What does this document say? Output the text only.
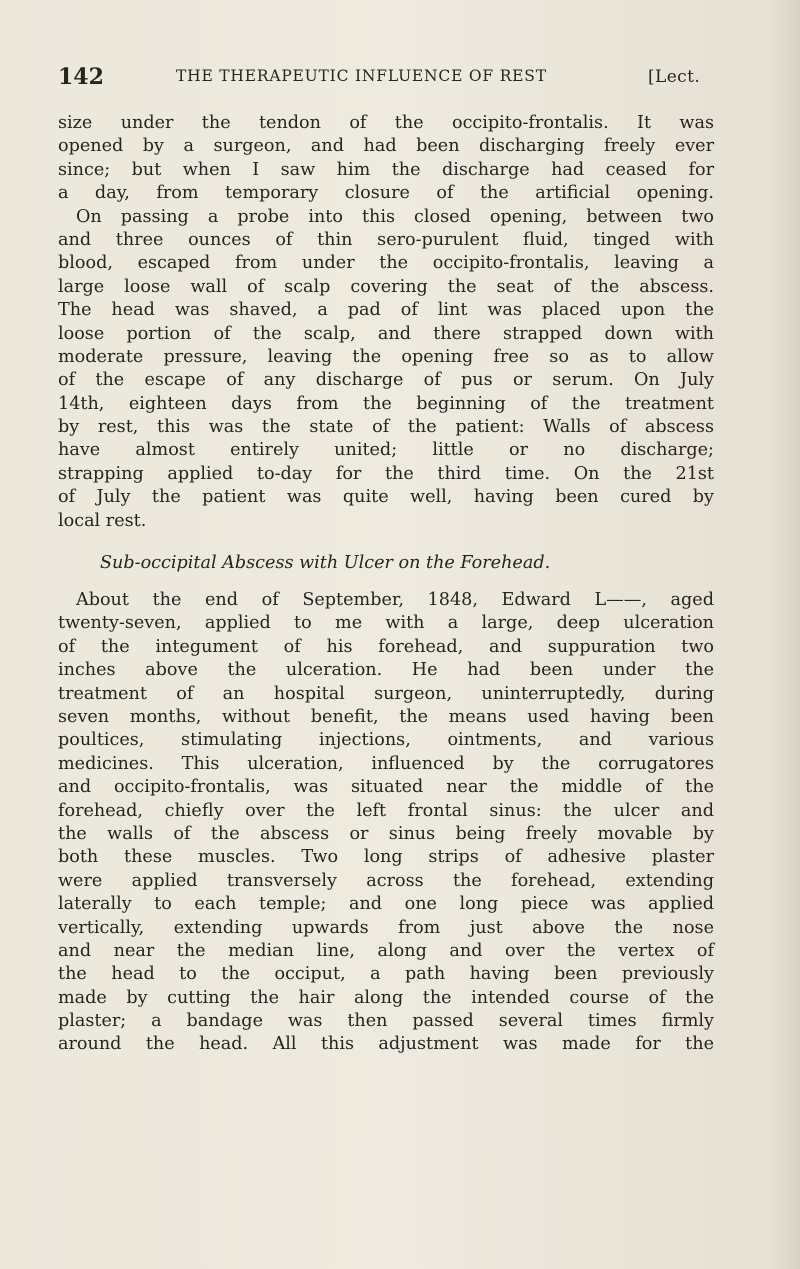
142	THE THERAPEUTIC INFLUENCE OF REST	[Lect.
size under the tendon of the occipito-frontalis. It was
opened by a surgeon, and had been discharging freely ever
since; but when I saw him the discharge had ceased for
a day, from temporary closure of the artificial opening.
On passing a probe into this closed opening, between two
and three ounces of thin sero-purulent fluid, tinged with
blood, escaped from under the occipito-frontalis, leaving a
large loose wall of scalp covering the seat of the abscess.
The head was shaved, a pad of lint was placed upon the
loose portion of the scalp, and there strapped down with
moderate pressure, leaving the opening free so as to allow
of the escape of any discharge of pus or serum. On July
14th, eighteen days from the beginning of the treatment
by rest, this was the state of the patient: Walls of abscess
have almost entirely united; little or no discharge;
strapping applied to-day for the third time. On the 21st
of July the patient was quite well, having been cured by
local rest.
Sub-occipital Abscess with Ulcer on the Forehead.
About the end of September, 1848, Edward L——, aged
twenty-seven, applied to me with a large, deep ulceration
of the integument of his forehead, and suppuration two
inches above the ulceration. He had been under the
treatment of an hospital surgeon, uninterruptedly, during
seven months, without benefit, the means used having been
poultices, stimulating injections, ointments, and various
medicines. This ulceration, influenced by the corrugatores
and occipito-frontalis, was situated near the middle of the
forehead, chiefly over the left frontal sinus: the ulcer and
the walls of the abscess or sinus being freely movable by
both these muscles. Two long strips of adhesive plaster
were applied transversely across the forehead, extending
laterally to each temple; and one long piece was applied
vertically, extending upwards from just above the nose
and near the median line, along and over the vertex of
the head to the occiput, a path having been previously
made by cutting the hair along the intended course of the
plaster; a bandage was then passed several times firmly
around the head. All this adjustment was made for the
